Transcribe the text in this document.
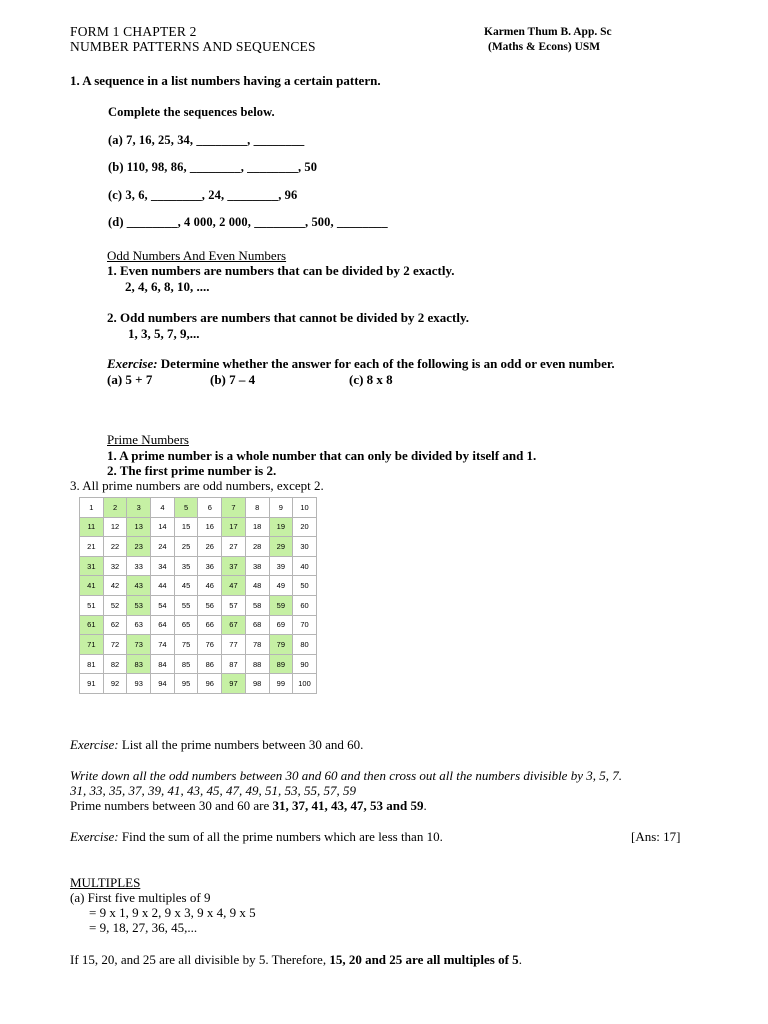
FORM 1 CHAPTER 2
NUMBER PATTERNS AND SEQUENCES
Karmen Thum B. App. Sc
(Maths & Econs) USM
1. A sequence in a list numbers having a certain pattern.
Complete the sequences below.
(a) 7, 16, 25, 34, ________, ________
(b) 110, 98, 86, ________, ________, 50
(c) 3, 6, ________, 24, ________, 96
(d) ________, 4 000, 2 000, ________, 500, ________
Odd Numbers And Even Numbers
1. Even numbers are numbers that can be divided by 2 exactly.
2, 4, 6, 8, 10, ....
2. Odd numbers are numbers that cannot be divided by 2 exactly.
1, 3, 5, 7, 9,...
Exercise: Determine whether the answer for each of the following is an odd or even number.
(a) 5 + 7	(b) 7 – 4	(c) 8 x 8
Prime Numbers
1. A prime number is a whole number that can only be divided by itself and 1.
2. The first prime number is 2.
3. All prime numbers are odd numbers, except 2.
1	2	3	4	5	6	7	8	9	10
11	12	13	14	15	16	17	18	19	20
21	22	23	24	25	26	27	28	29	30
31	32	33	34	35	36	37	38	39	40
41	42	43	44	45	46	47	48	49	50
51	52	53	54	55	56	57	58	59	60
61	62	63	64	65	66	67	68	69	70
71	72	73	74	75	76	77	78	79	80
81	82	83	84	85	86	87	88	89	90
91	92	93	94	95	96	97	98	99	100
Exercise: List all the prime numbers between 30 and 60.
Write down all the odd numbers between 30 and 60 and then cross out all the numbers divisible by 3, 5, 7.
31, 33, 35, 37, 39, 41, 43, 45, 47, 49, 51, 53, 55, 57, 59
Prime numbers between 30 and 60 are 31, 37, 41, 43, 47, 53 and 59.
Exercise: Find the sum of all the prime numbers which are less than 10.	[Ans: 17]
MULTIPLES
(a) First five multiples of 9
= 9 x 1, 9 x 2, 9 x 3, 9 x 4, 9 x 5
= 9, 18, 27, 36, 45,...
If 15, 20, and 25 are all divisible by 5. Therefore, 15, 20 and 25 are all multiples of 5.
